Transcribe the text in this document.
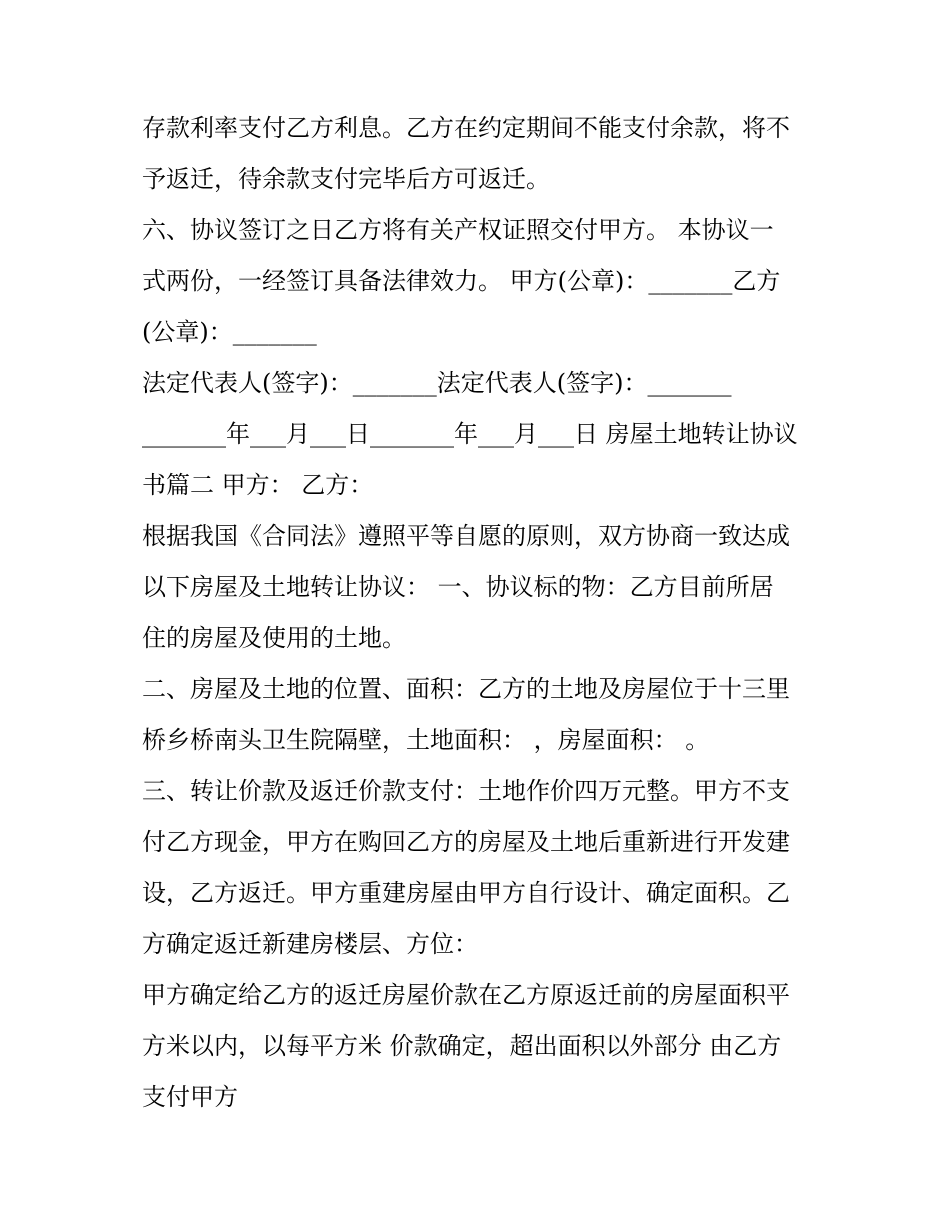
存款利率支付乙方利息。乙方在约定期间不能支付余款，将不
予返迁，待余款支付完毕后方可返迁。
六、协议签订之日乙方将有关产权证照交付甲方。 本协议一
式两份，一经签订具备法律效力。 甲方(公章)：_______乙方
(公章)：_______
法定代表人(签字)：_______法定代表人(签字)：_______
_______年___月___日_______年___月___日 房屋土地转让协议
书篇二 甲方： 乙方：
根据我国《合同法》遵照平等自愿的原则，双方协商一致达成
以下房屋及土地转让协议： 一、协议标的物：乙方目前所居
住的房屋及使用的土地。
二、房屋及土地的位置、面积：乙方的土地及房屋位于十三里
桥乡桥南头卫生院隔壁，土地面积： ，房屋面积： 。
三、转让价款及返迁价款支付：土地作价四万元整。甲方不支
付乙方现金，甲方在购回乙方的房屋及土地后重新进行开发建
设，乙方返迁。甲方重建房屋由甲方自行设计、确定面积。乙
方确定返迁新建房楼层、方位：
甲方确定给乙方的返迁房屋价款在乙方原返迁前的房屋面积平
方米以内，以每平方米 价款确定，超出面积以外部分 由乙方
支付甲方
